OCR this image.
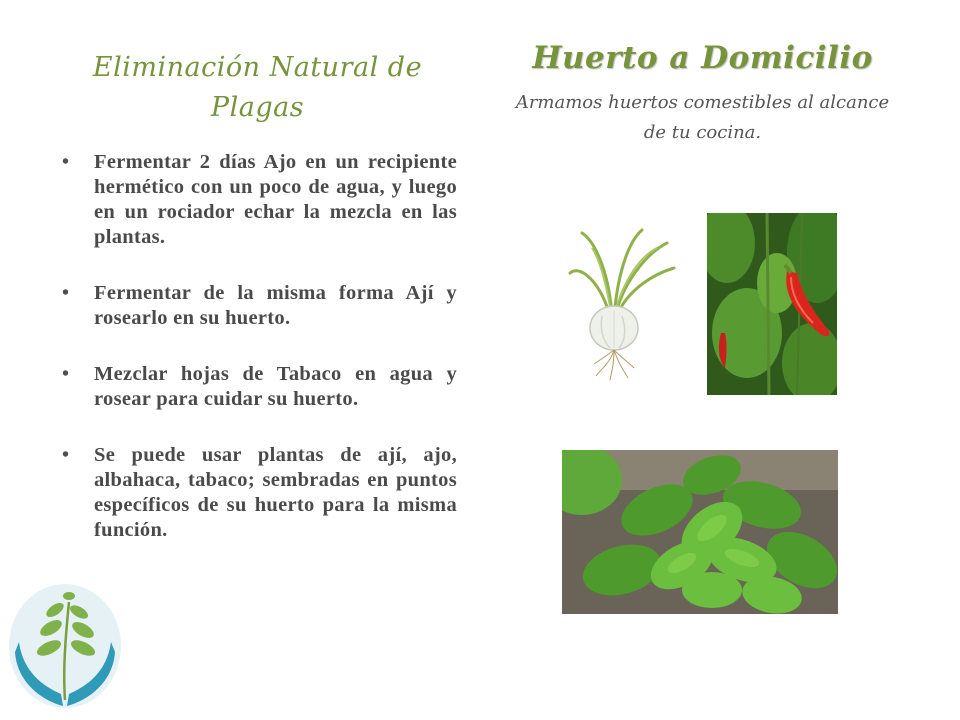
Eliminación Natural de Plagas
• Fermentar 2 días Ajo en un recipiente hermético con un poco de agua, y luego en un rociador echar la mezcla en las plantas.
• Fermentar de la misma forma Ají y rosearlo en su huerto.
• Mezclar hojas de Tabaco en agua y rosear para cuidar su huerto.
• Se puede usar plantas de ají, ajo, albahaca, tabaco; sembradas en puntos específicos de su huerto para la misma función.
Huerto a Domicilio
Armamos huertos comestibles al alcance de tu cocina.
